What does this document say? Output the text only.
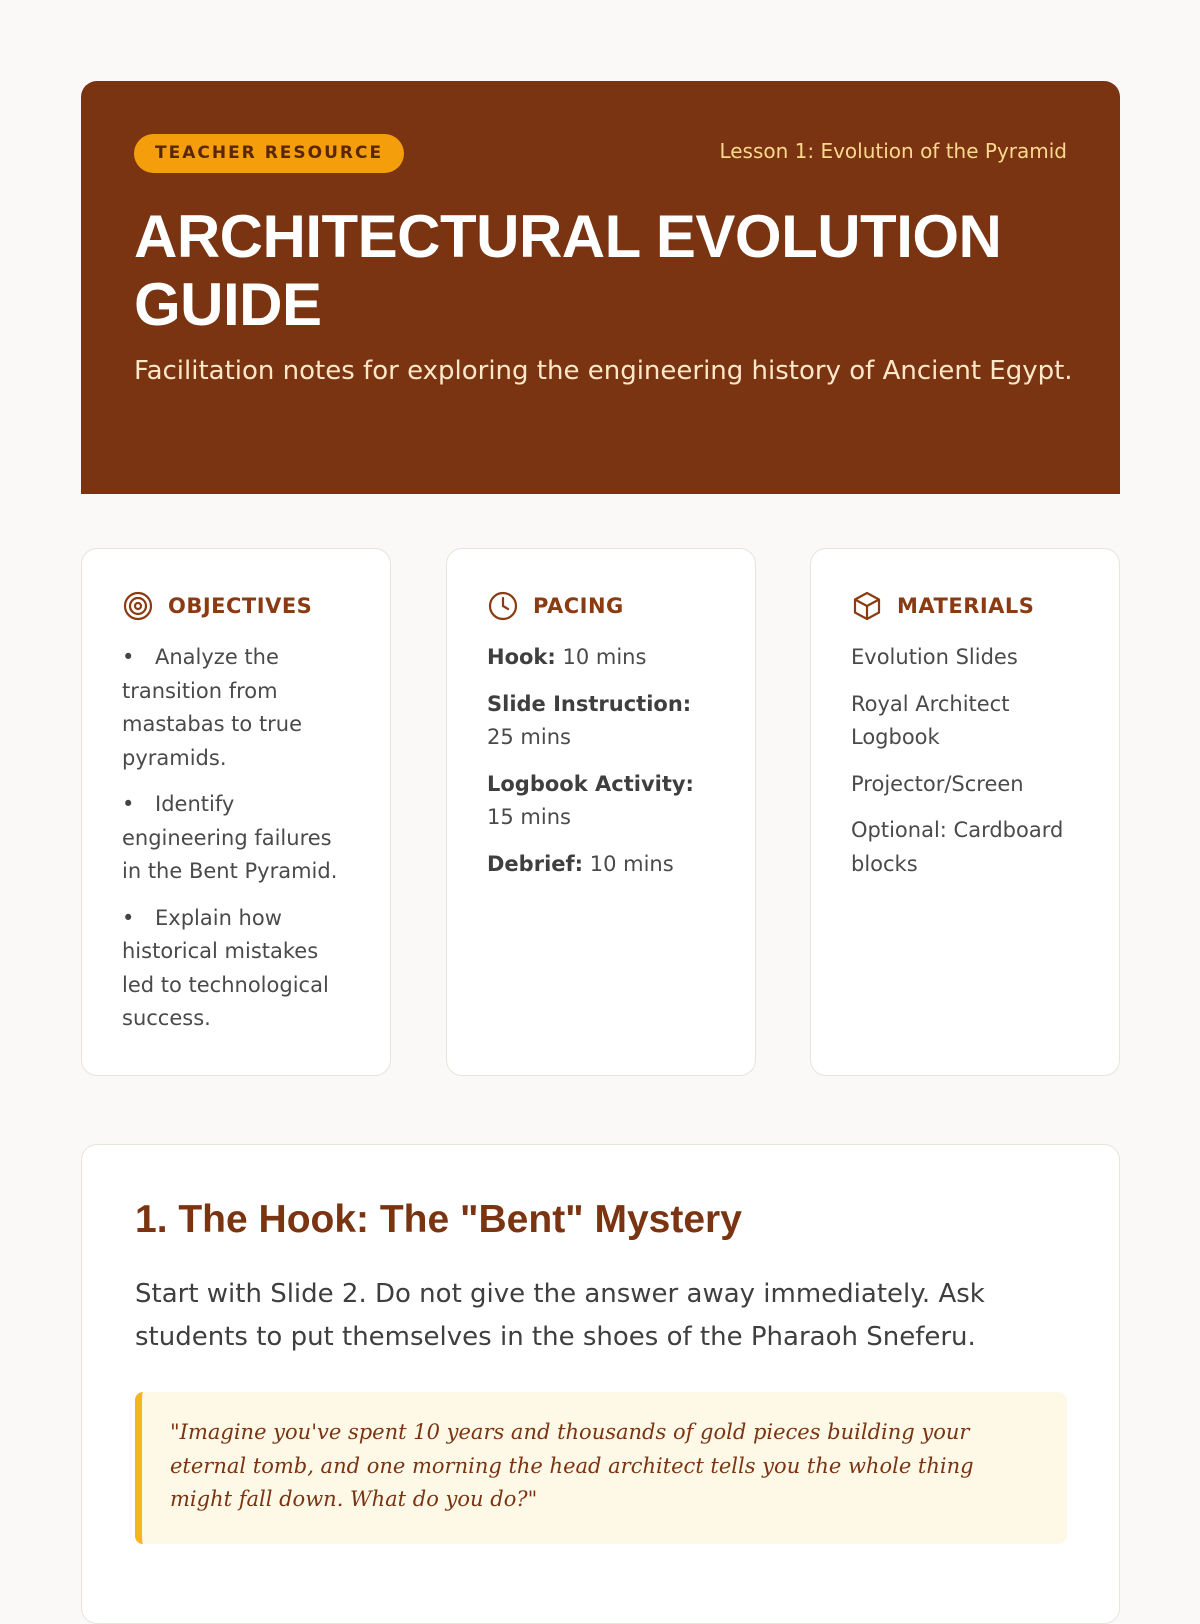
TEACHER RESOURCE	Lesson 1: Evolution of the Pyramid
ARCHITECTURAL EVOLUTION GUIDE

Facilitation notes for exploring the engineering history of Ancient Egypt.

OBJECTIVES
• Analyze the transition from mastabas to true pyramids.
• Identify engineering failures in the Bent Pyramid.
• Explain how historical mistakes led to technological success.
PACING
Hook: 10 mins
Slide Instruction: 25 mins
Logbook Activity: 15 mins
Debrief: 10 mins
MATERIALS
Evolution Slides
Royal Architect Logbook
Projector/Screen
Optional: Cardboard blocks
1. The Hook: The "Bent" Mystery

Start with Slide 2. Do not give the answer away immediately. Ask students to put themselves in the shoes of the Pharaoh Sneferu.

"Imagine you've spent 10 years and thousands of gold pieces building your eternal tomb, and one morning the head architect tells you the whole thing might fall down. What do you do?"
